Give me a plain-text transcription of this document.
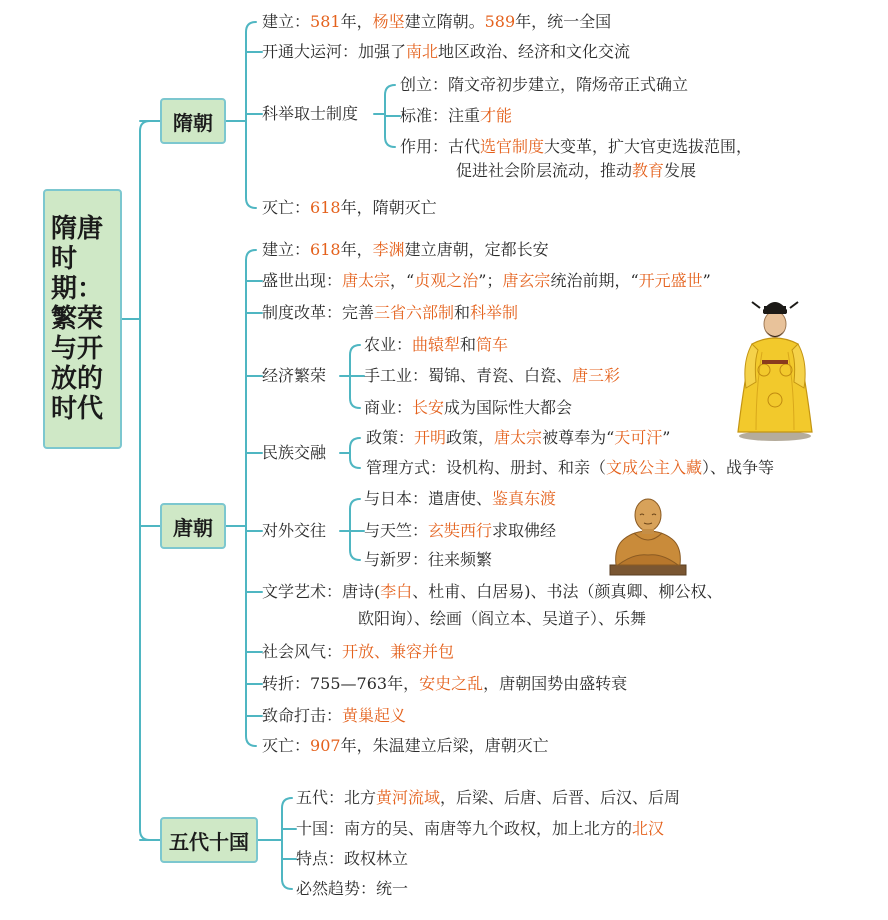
隋唐时期：繁荣与开放的时代
隋朝
唐朝
五代十国
建立：581年，杨坚建立隋朝。589年，统一全国
开通大运河：加强了南北地区政治、经济和文化交流
科举取士制度
创立：隋文帝初步建立，隋炀帝正式确立
标准：注重才能
作用：古代选官制度大变革，扩大官吏选拔范围，
促进社会阶层流动，推动教育发展
灭亡：618年，隋朝灭亡
建立：618年，李渊建立唐朝，定都长安
盛世出现：唐太宗，“贞观之治”；唐玄宗统治前期，“开元盛世”
制度改革：完善三省六部制和科举制
经济繁荣
农业：曲辕犁和筒车
手工业：蜀锦、青瓷、白瓷、唐三彩
商业：长安成为国际性大都会
民族交融
政策：开明政策，唐太宗被尊奉为“天可汗”
管理方式：设机构、册封、和亲（文成公主入藏）、战争等
对外交往
与日本：遣唐使、鉴真东渡
与天竺：玄奘西行求取佛经
与新罗：往来频繁
文学艺术：唐诗(李白、杜甫、白居易)、书法（颜真卿、柳公权、
欧阳询）、绘画（阎立本、吴道子）、乐舞
社会风气：开放、兼容并包
转折：755—763年，安史之乱，唐朝国势由盛转衰
致命打击：黄巢起义
灭亡：907年，朱温建立后梁，唐朝灭亡
五代：北方黄河流域，后梁、后唐、后晋、后汉、后周
十国：南方的吴、南唐等九个政权，加上北方的北汉
特点：政权林立
必然趋势：统一
